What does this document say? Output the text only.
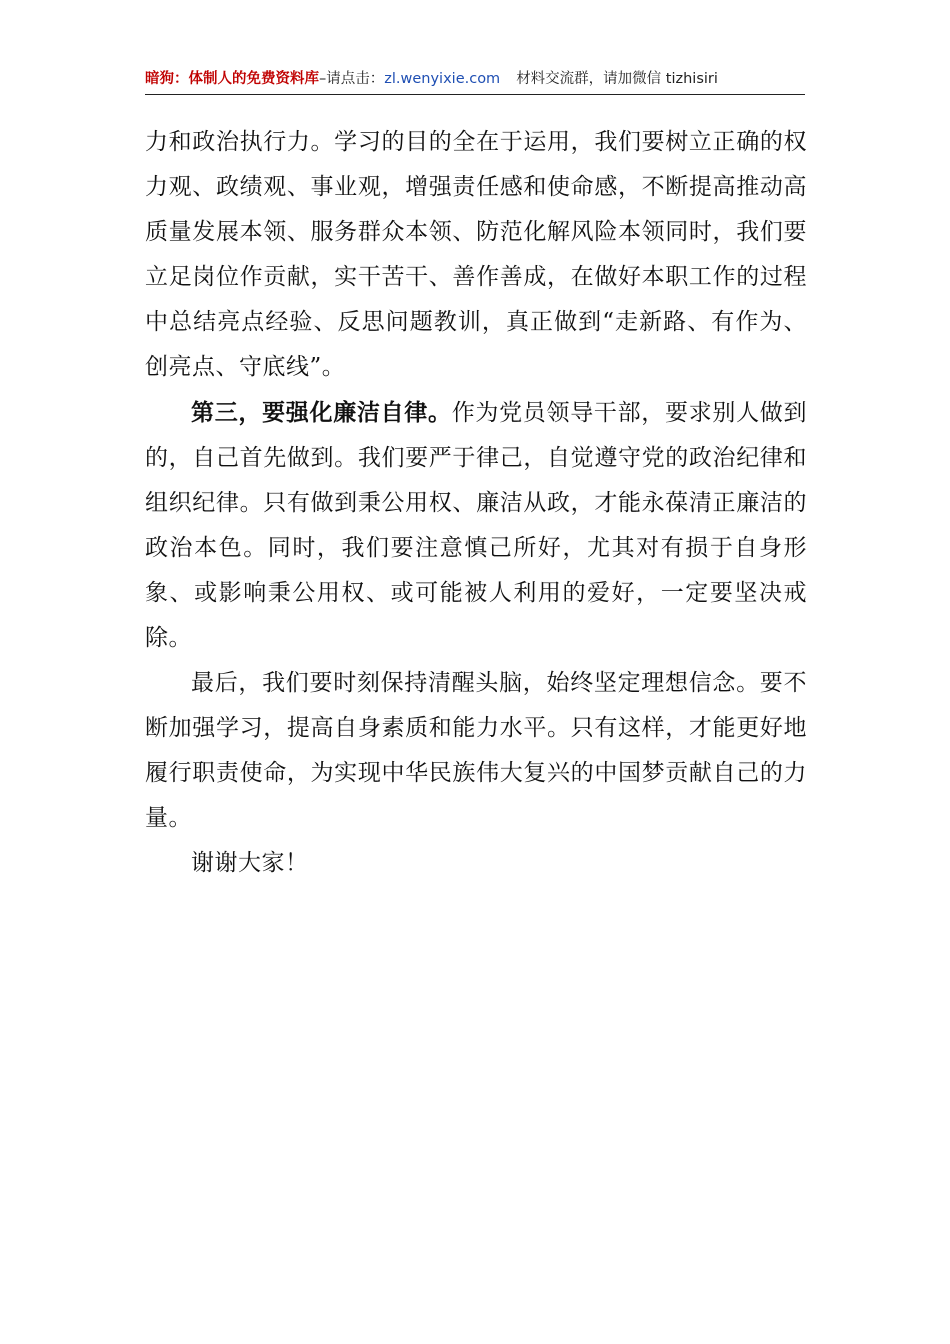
暗狗：体制人的免费资料库–请点击：zl.wenyixie.com 材料交流群，请加微信 tizhisiri

力和政治执行力。学习的目的全在于运用，我们要树立正确的权力观、政绩观、事业观，增强责任感和使命感，不断提高推动高质量发展本领、服务群众本领、防范化解风险本领同时，我们要立足岗位作贡献，实干苦干、善作善成，在做好本职工作的过程中总结亮点经验、反思问题教训，真正做到“走新路、有作为、创亮点、守底线”。

第三，要强化廉洁自律。作为党员领导干部，要求别人做到的，自己首先做到。我们要严于律己，自觉遵守党的政治纪律和组织纪律。只有做到秉公用权、廉洁从政，才能永葆清正廉洁的政治本色。同时，我们要注意慎己所好，尤其对有损于自身形象、或影响秉公用权、或可能被人利用的爱好，一定要坚决戒除。

最后，我们要时刻保持清醒头脑，始终坚定理想信念。要不断加强学习，提高自身素质和能力水平。只有这样，才能更好地履行职责使命，为实现中华民族伟大复兴的中国梦贡献自己的力量。

谢谢大家！
